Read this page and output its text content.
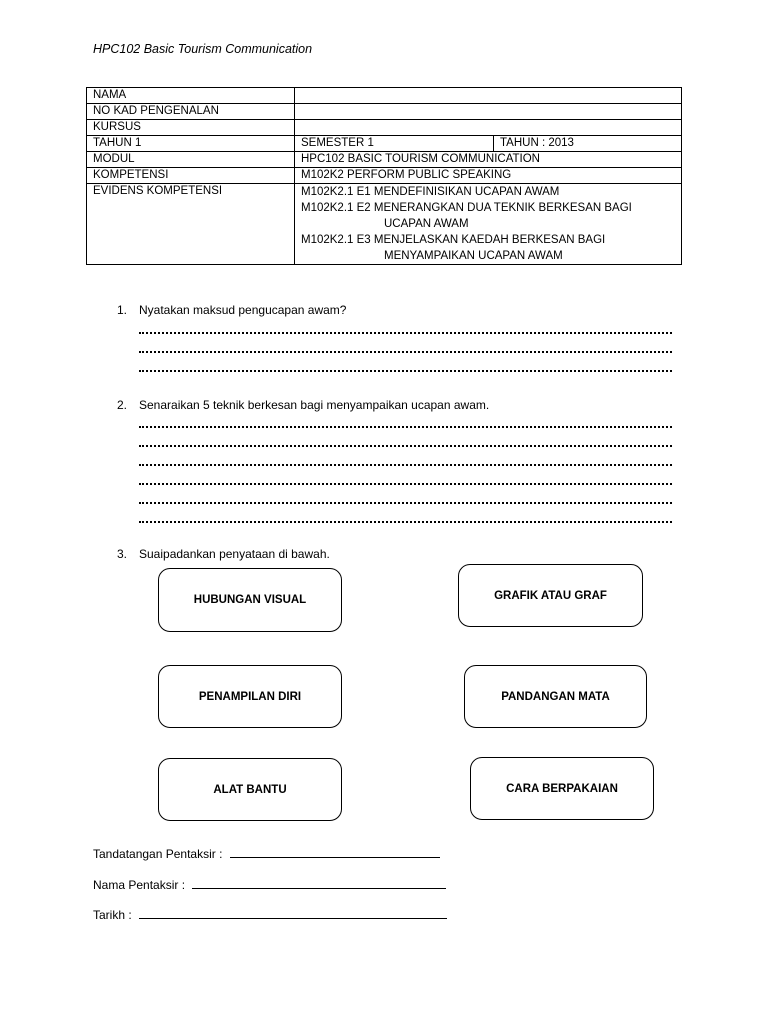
HPC102 Basic Tourism Communication
NAMA		
NO KAD PENGENALAN		
KURSUS		
TAHUN 1	SEMESTER 1	TAHUN : 2013
MODUL	HPC102 BASIC TOURISM COMMUNICATION	
KOMPETENSI	M102K2 PERFORM PUBLIC SPEAKING	
EVIDENS KOMPETENSI	M102K2.1 E1 MENDEFINISIKAN UCAPAN AWAM
M102K2.1 E2 MENERANGKAN DUA TEKNIK BERKESAN BAGI
UCAPAN AWAM
M102K2.1 E3 MENJELASKAN KAEDAH BERKESAN BAGI
MENYAMPAIKAN UCAPAN AWAM	
1. Nyatakan maksud pengucapan awam?
2. Senaraikan 5 teknik berkesan bagi menyampaikan ucapan awam.
3. Suaipadankan penyataan di bawah.
HUBUNGAN VISUAL	GRAFIK ATAU GRAF
PENAMPILAN DIRI	PANDANGAN MATA
ALAT BANTU	CARA BERPAKAIAN
Tandatangan Pentaksir :
Nama Pentaksir :
Tarikh :
